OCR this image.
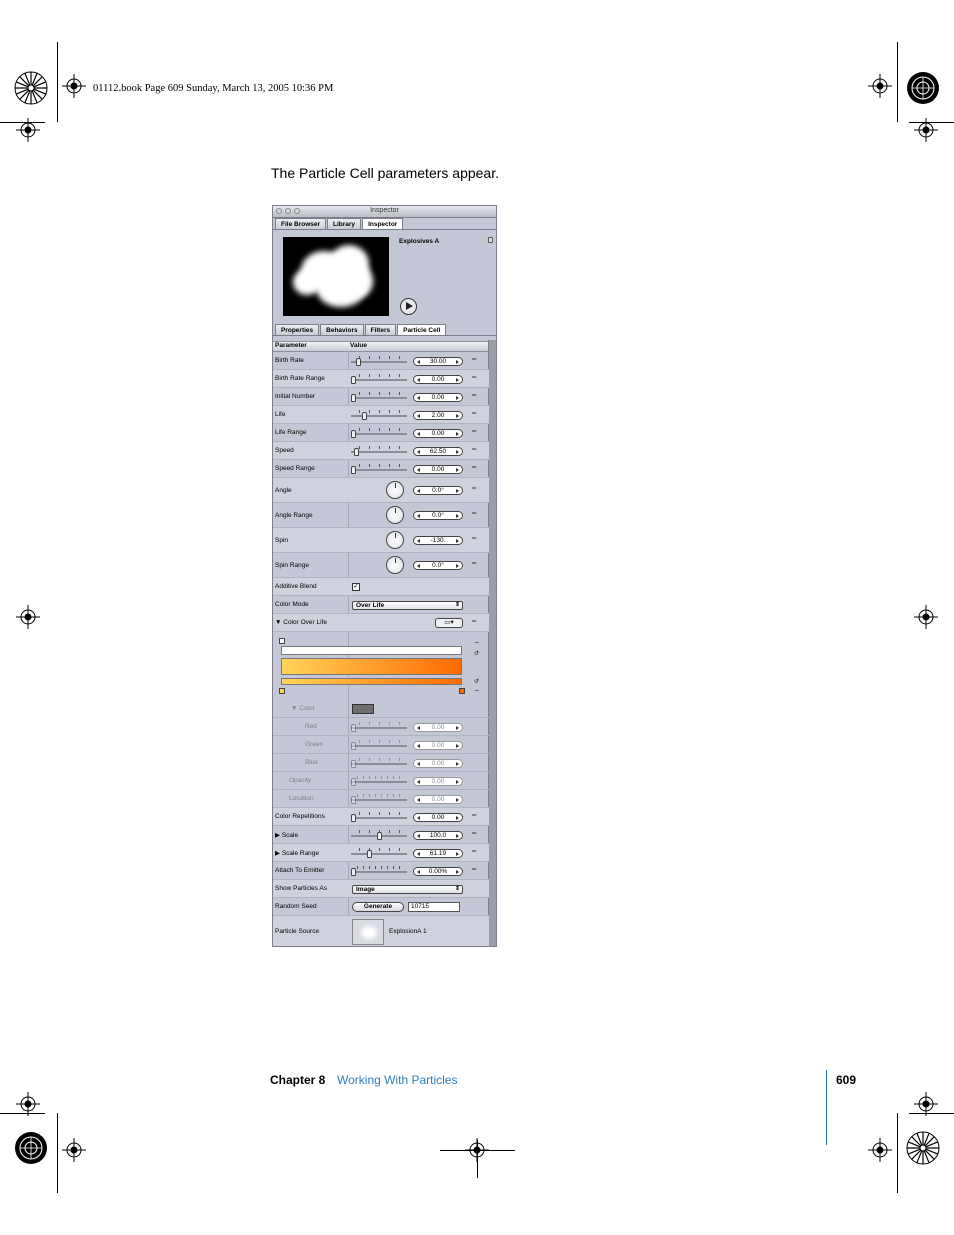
01112.book Page 609 Sunday, March 13, 2005 10:36 PM
The Particle Cell parameters appear.
Inspector
File Browser	Library	Inspector
Explosives A
Properties	Behaviors	Filters	Particle Cell
Parameter	Value
Birth Rate	30.00	═
Birth Rate Range	0.00	═
Initial Number	0.00	═
Life	2.00	═
Life Range	0.00	═
Speed	62.50	═
Speed Range	0.00	═
Angle	0.0°	═
Angle Range	0.0°	═
Spin	-130.	═
Spin Range	0.0°	═
Additive Blend	✓
Color Mode	Over Life	⇕
▼ Color Over Life	▭▾	═
⇔
↺
↺
⇔
▼ Color
Red	0.00
Green	0.00
Blue	0.00
Opacity	0.00
Location	0.00
Color Repetitions	0.00	═
▶ Scale	100.0	═
▶ Scale Range	61.19	═
Attach To Emitter	0.00%	═
Show Particles As	Image	⇕
Random Seed	Generate	10715
Particle Source	ExplosionA 1
Chapter 8 Working With Particles	609
